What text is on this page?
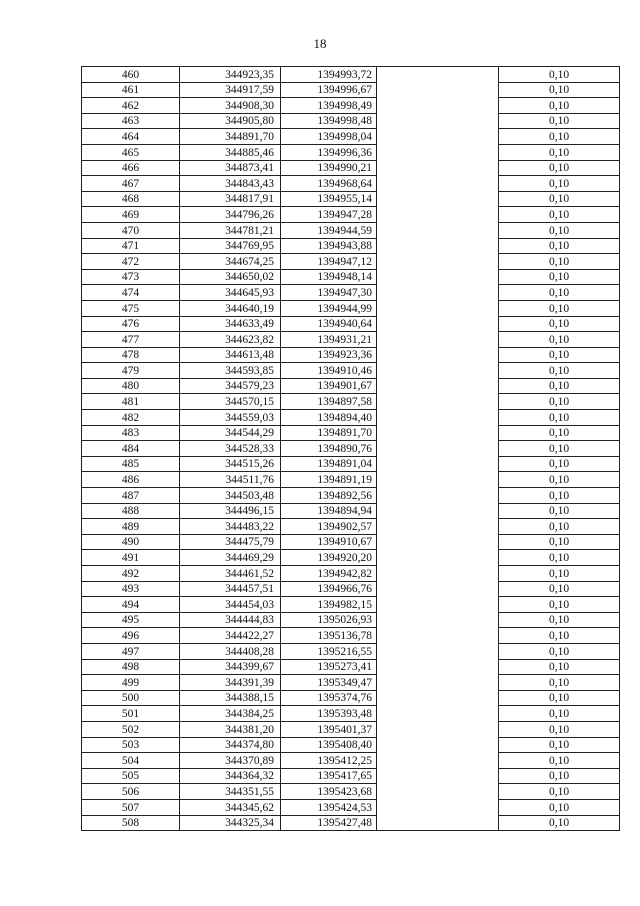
18
460	344923,35	1394993,72		0,10
461	344917,59	1394996,67		0,10
462	344908,30	1394998,49		0,10
463	344905,80	1394998,48		0,10
464	344891,70	1394998,04		0,10
465	344885,46	1394996,36		0,10
466	344873,41	1394990,21		0,10
467	344843,43	1394968,64		0,10
468	344817,91	1394955,14		0,10
469	344796,26	1394947,28		0,10
470	344781,21	1394944,59		0,10
471	344769,95	1394943,88		0,10
472	344674,25	1394947,12		0,10
473	344650,02	1394948,14		0,10
474	344645,93	1394947,30		0,10
475	344640,19	1394944,99		0,10
476	344633,49	1394940,64		0,10
477	344623,82	1394931,21		0,10
478	344613,48	1394923,36		0,10
479	344593,85	1394910,46		0,10
480	344579,23	1394901,67		0,10
481	344570,15	1394897,58		0,10
482	344559,03	1394894,40		0,10
483	344544,29	1394891,70		0,10
484	344528,33	1394890,76		0,10
485	344515,26	1394891,04		0,10
486	344511,76	1394891,19		0,10
487	344503,48	1394892,56		0,10
488	344496,15	1394894,94		0,10
489	344483,22	1394902,57		0,10
490	344475,79	1394910,67		0,10
491	344469,29	1394920,20		0,10
492	344461,52	1394942,82		0,10
493	344457,51	1394966,76		0,10
494	344454,03	1394982,15		0,10
495	344444,83	1395026,93		0,10
496	344422,27	1395136,78		0,10
497	344408,28	1395216,55		0,10
498	344399,67	1395273,41		0,10
499	344391,39	1395349,47		0,10
500	344388,15	1395374,76		0,10
501	344384,25	1395393,48		0,10
502	344381,20	1395401,37		0,10
503	344374,80	1395408,40		0,10
504	344370,89	1395412,25		0,10
505	344364,32	1395417,65		0,10
506	344351,55	1395423,68		0,10
507	344345,62	1395424,53		0,10
508	344325,34	1395427,48		0,10
